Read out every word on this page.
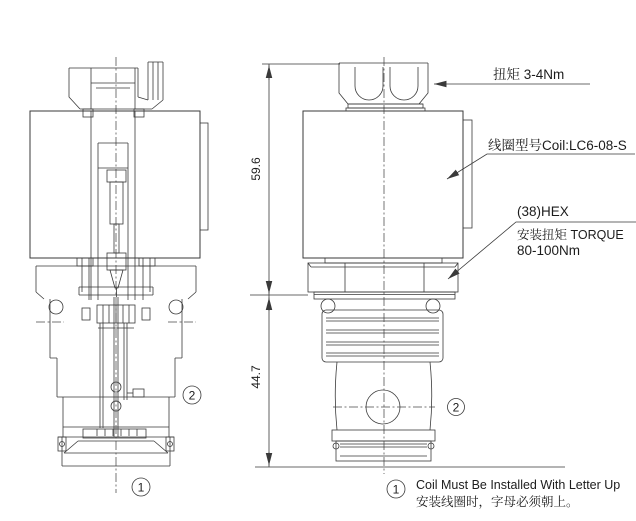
2
1
2
59.6
44.7
扭矩 3-4Nm
线圈型号Coil:LC6-08-S
(38)HEX
安装扭矩 TORQUE
80-100Nm
1 Coil Must Be Installed With Letter Up
安装线圈时，字母必须朝上。
